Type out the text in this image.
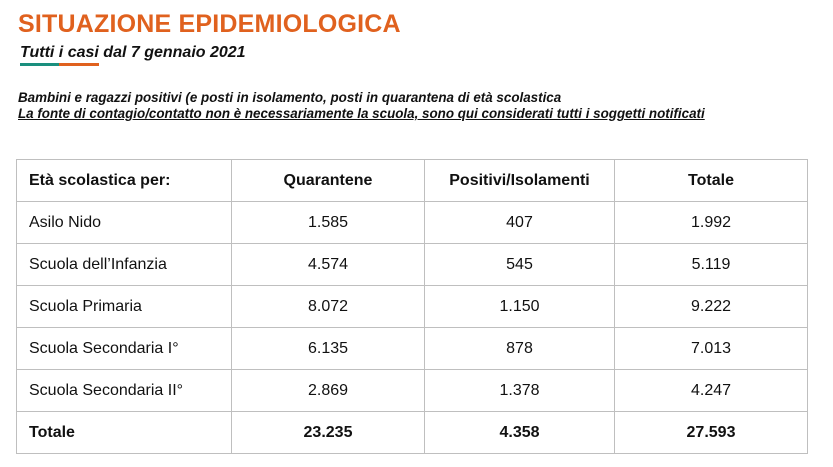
SITUAZIONE EPIDEMIOLOGICA
Tutti i casi
dal 7 gennaio 2021
Bambini e ragazzi positivi (e posti in isolamento, posti in quarantena di età scolastica
La fonte di contagio/contatto non è necessariamente la scuola, sono qui considerati tutti i soggetti notificati
Età scolastica per:	Quarantene	Positivi/Isolamenti	Totale
Asilo Nido	1.585	407	1.992
Scuola dell’Infanzia	4.574	545	5.119
Scuola Primaria	8.072	1.150	9.222
Scuola Secondaria I°	6.135	878	7.013
Scuola Secondaria II°	2.869	1.378	4.247
Totale	23.235	4.358	27.593
